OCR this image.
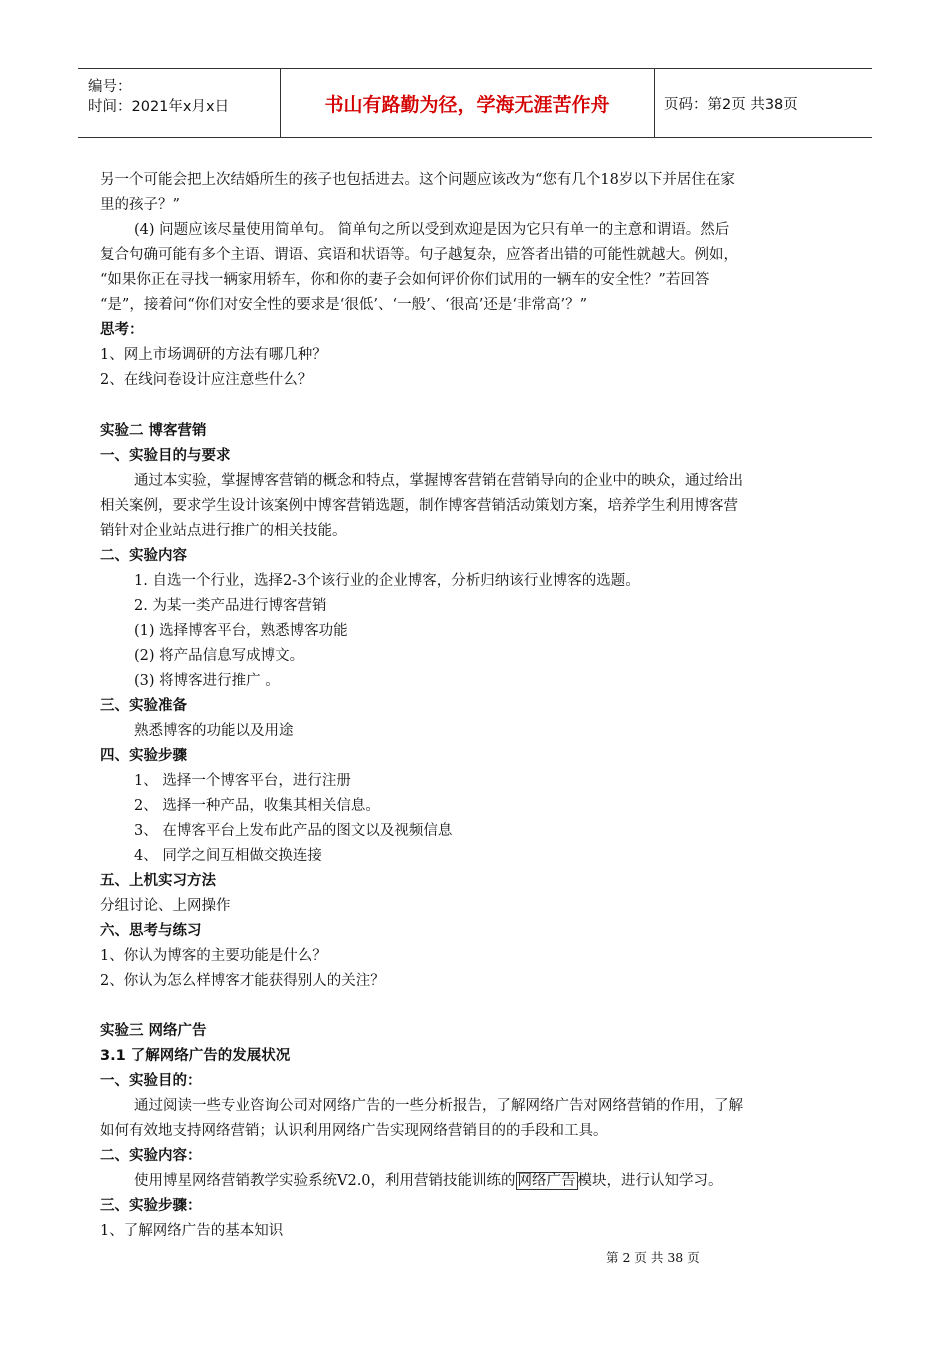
编号：
时间：2021年x月x日	书山有路勤为径，学海无涯苦作舟	页码：第2页 共38页
另一个可能会把上次结婚所生的孩子也包括进去。这个问题应该改为“您有几个18岁以下并居住在家
里的孩子？”
(4) 问题应该尽量使用简单句。 简单句之所以受到欢迎是因为它只有单一的主意和谓语。然后
复合句确可能有多个主语、谓语、宾语和状语等。句子越复杂，应答者出错的可能性就越大。例如，
“如果你正在寻找一辆家用轿车，你和你的妻子会如何评价你们试用的一辆车的安全性？”若回答
“是”，接着问“你们对安全性的要求是‘很低’、‘一般’、‘很高’还是‘非常高’？”
思考：
1、网上市场调研的方法有哪几种？
2、在线问卷设计应注意些什么？
实验二 博客营销
一、实验目的与要求
通过本实验，掌握博客营销的概念和特点，掌握博客营销在营销导向的企业中的映众，通过给出
相关案例，要求学生设计该案例中博客营销选题，制作博客营销活动策划方案，培养学生利用博客营
销针对企业站点进行推广的相关技能。
二、实验内容
1. 自选一个行业，选择2-3个该行业的企业博客，分析归纳该行业博客的选题。
2. 为某一类产品进行博客营销
(1) 选择博客平台，熟悉博客功能
(2) 将产品信息写成博文。
(3) 将博客进行推广 。
三、实验准备
熟悉博客的功能以及用途
四、实验步骤
1、 选择一个博客平台，进行注册
2、 选择一种产品，收集其相关信息。
3、 在博客平台上发布此产品的图文以及视频信息
4、 同学之间互相做交换连接
五、上机实习方法
分组讨论、上网操作
六、思考与练习
1、你认为博客的主要功能是什么？
2、你认为怎么样博客才能获得别人的关注？
实验三 网络广告
3.1 了解网络广告的发展状况
一、实验目的：
通过阅读一些专业咨询公司对网络广告的一些分析报告，了解网络广告对网络营销的作用，了解
如何有效地支持网络营销；认识利用网络广告实现网络营销目的的手段和工具。
二、实验内容：
使用博星网络营销教学实验系统V2.0，利用营销技能训练的 网络广告 模块，进行认知学习。
三、实验步骤：
1、了解网络广告的基本知识
第 2 页 共 38 页
